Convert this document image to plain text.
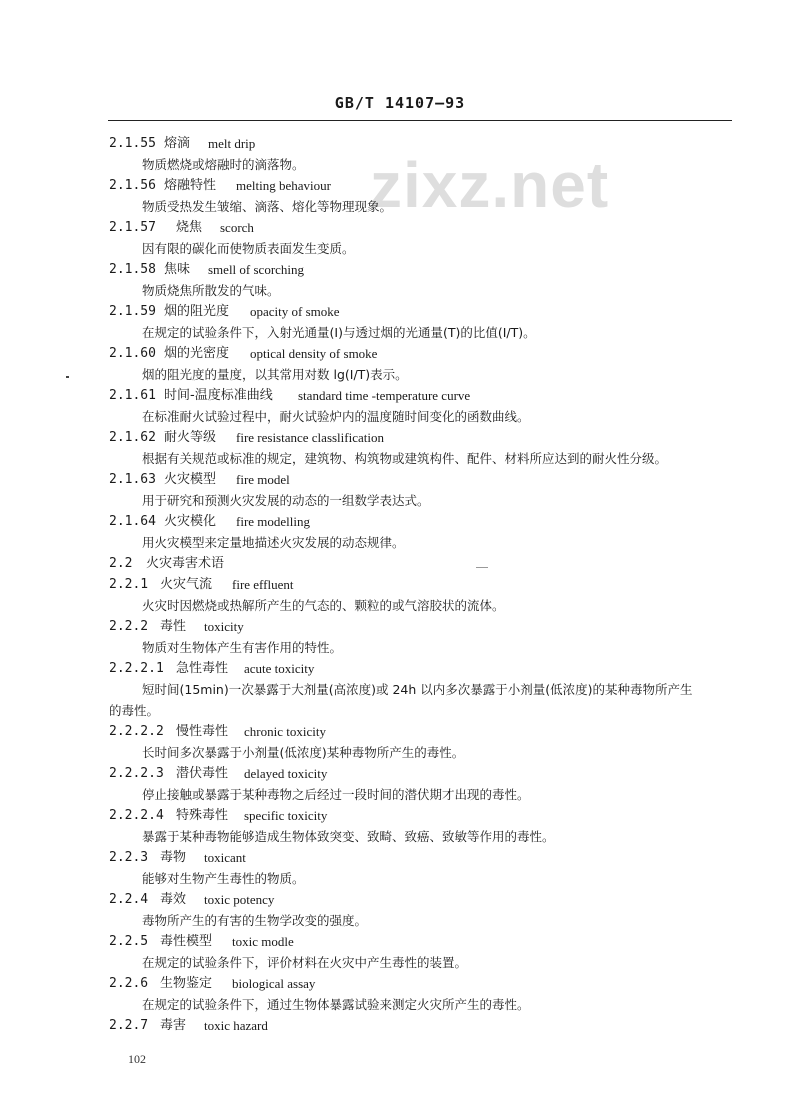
zixz.net
GB/T 14107—93
2.1.55 熔滴 melt drip
物质燃烧或熔融时的滴落物。
2.1.56 熔融特性 melting behaviour
物质受热发生皱缩、滴落、熔化等物理现象。
2.1.57 烧焦 scorch
因有限的碳化而使物质表面发生变质。
2.1.58 焦味 smell of scorching
物质烧焦所散发的气味。
2.1.59 烟的阻光度 opacity of smoke
在规定的试验条件下，入射光通量(I)与透过烟的光通量(T)的比值(I/T)。
2.1.60 烟的光密度 optical density of smoke
烟的阻光度的量度，以其常用对数 lg(I/T)表示。
2.1.61 时间-温度标准曲线 standard time -temperature curve
在标准耐火试验过程中，耐火试验炉内的温度随时间变化的函数曲线。
2.1.62 耐火等级 fire resistance classlification
根据有关规范或标准的规定，建筑物、构筑物或建筑构件、配件、材料所应达到的耐火性分级。
2.1.63 火灾模型 fire model
用于研究和预测火灾发展的动态的一组数学表达式。
2.1.64 火灾模化 fire modelling
用火灾模型来定量地描述火灾发展的动态规律。
2.2 火灾毒害术语
2.2.1 火灾气流 fire effluent
火灾时因燃烧或热解所产生的气态的、颗粒的或气溶胶状的流体。
2.2.2 毒性 toxicity
物质对生物体产生有害作用的特性。
2.2.2.1 急性毒性 acute toxicity
短时间(15min)一次暴露于大剂量(高浓度)或 24h 以内多次暴露于小剂量(低浓度)的某种毒物所产生的毒性。
2.2.2.2 慢性毒性 chronic toxicity
长时间多次暴露于小剂量(低浓度)某种毒物所产生的毒性。
2.2.2.3 潜伏毒性 delayed toxicity
停止接触或暴露于某种毒物之后经过一段时间的潜伏期才出现的毒性。
2.2.2.4 特殊毒性 specific toxicity
暴露于某种毒物能够造成生物体致突变、致畸、致癌、致敏等作用的毒性。
2.2.3 毒物 toxicant
能够对生物产生毒性的物质。
2.2.4 毒效 toxic potency
毒物所产生的有害的生物学改变的强度。
2.2.5 毒性模型 toxic modle
在规定的试验条件下，评价材料在火灾中产生毒性的装置。
2.2.6 生物鉴定 biological assay
在规定的试验条件下，通过生物体暴露试验来测定火灾所产生的毒性。
2.2.7 毒害 toxic hazard
102
